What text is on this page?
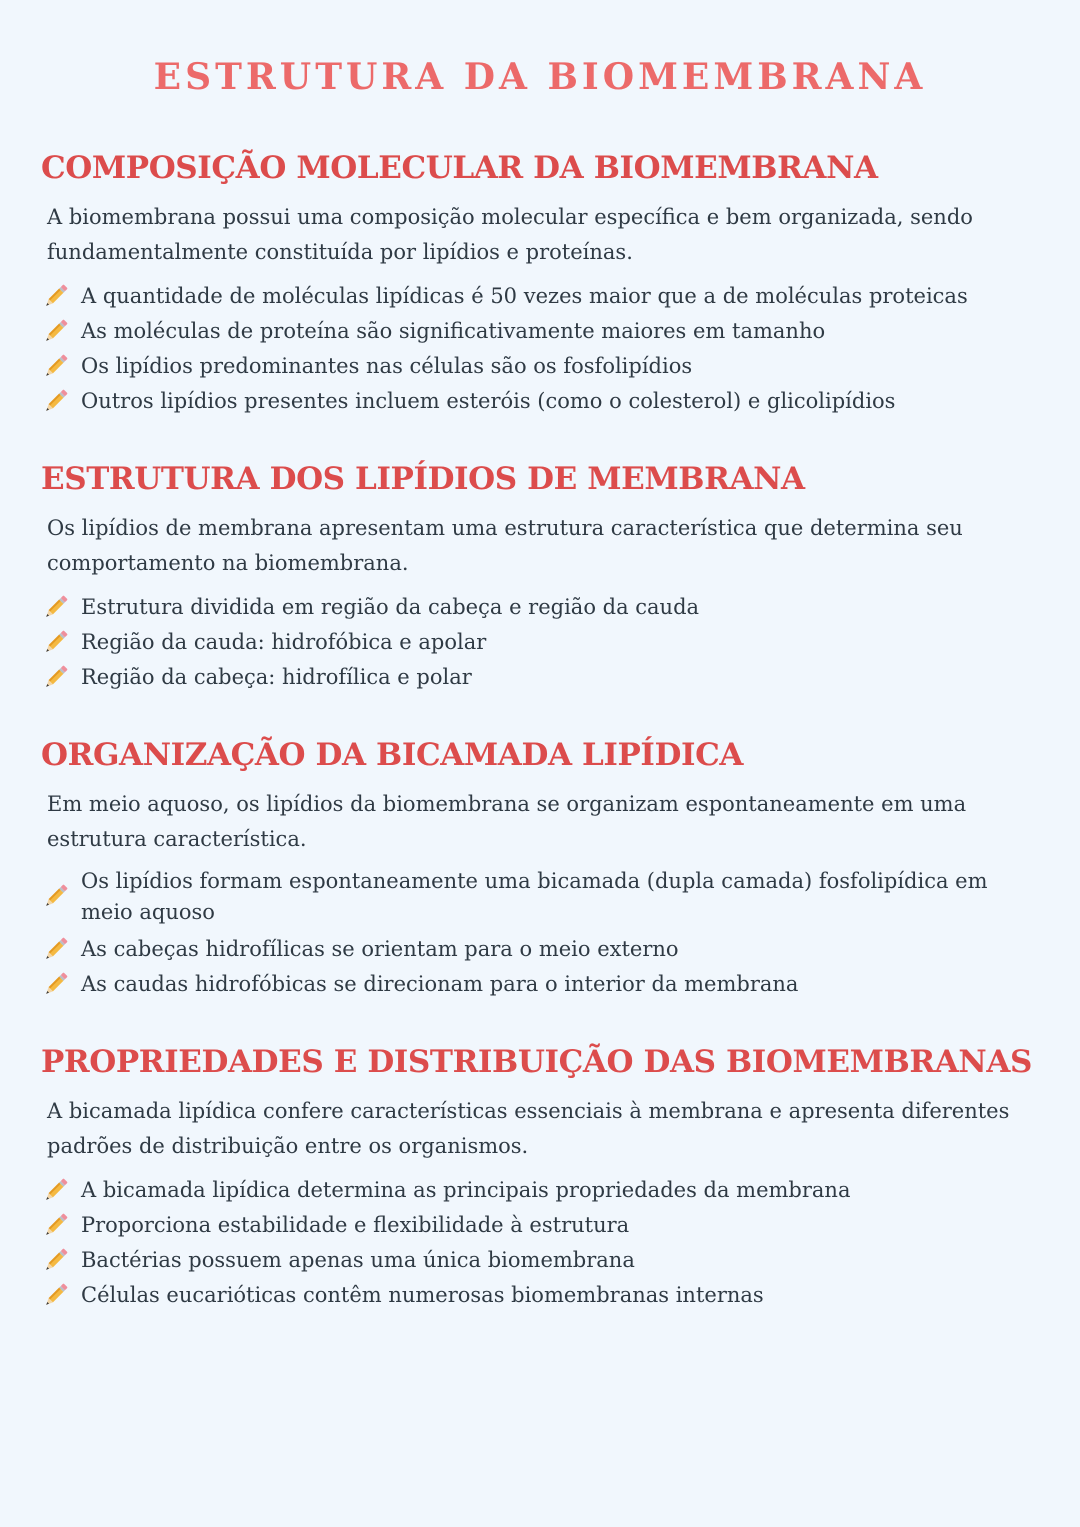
ESTRUTURA DA BIOMEMBRANA
COMPOSIÇÃO MOLECULAR DA BIOMEMBRANA

A biomembrana possui uma composição molecular específica e bem organizada, sendo fundamentalmente constituída por lipídios e proteínas.

A quantidade de moléculas lipídicas é 50 vezes maior que a de moléculas proteicas
As moléculas de proteína são significativamente maiores em tamanho
Os lipídios predominantes nas células são os fosfolipídios
Outros lipídios presentes incluem esteróis (como o colesterol) e glicolipídios
ESTRUTURA DOS LIPÍDIOS DE MEMBRANA

Os lipídios de membrana apresentam uma estrutura característica que determina seu comportamento na biomembrana.

Estrutura dividida em região da cabeça e região da cauda
Região da cauda: hidrofóbica e apolar
Região da cabeça: hidrofílica e polar
ORGANIZAÇÃO DA BICAMADA LIPÍDICA

Em meio aquoso, os lipídios da biomembrana se organizam espontaneamente em uma estrutura característica.

Os lipídios formam espontaneamente uma bicamada (dupla camada) fosfolipídica em meio aquoso
As cabeças hidrofílicas se orientam para o meio externo
As caudas hidrofóbicas se direcionam para o interior da membrana
PROPRIEDADES E DISTRIBUIÇÃO DAS BIOMEMBRANAS

A bicamada lipídica confere características essenciais à membrana e apresenta diferentes padrões de distribuição entre os organismos.

A bicamada lipídica determina as principais propriedades da membrana
Proporciona estabilidade e flexibilidade à estrutura
Bactérias possuem apenas uma única biomembrana
Células eucarióticas contêm numerosas biomembranas internas
